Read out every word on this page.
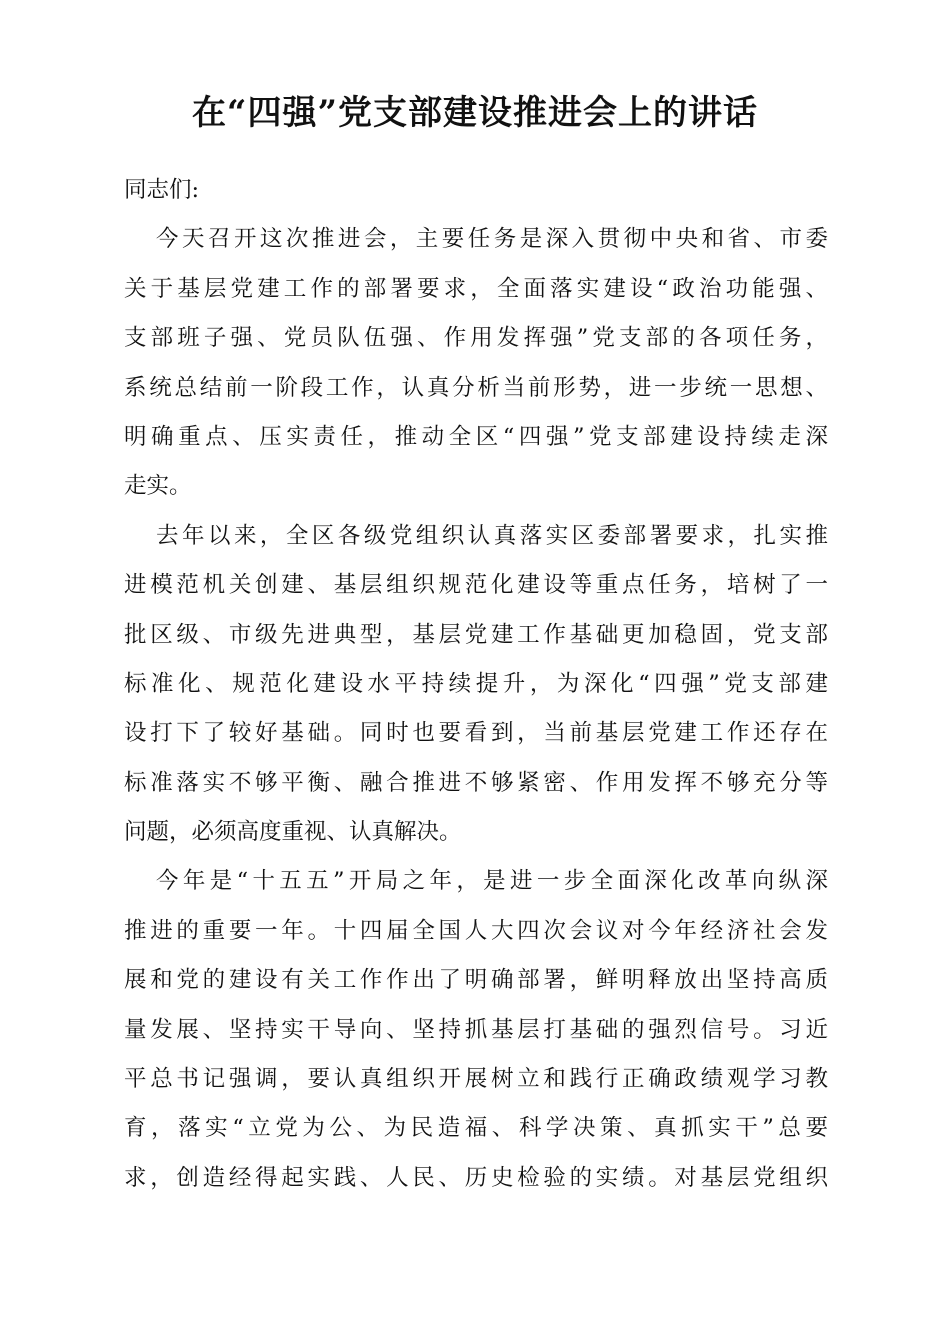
在“四强”党支部建设推进会上的讲话
同志们:
今天召开这次推进会，主要任务是深入贯彻中央和省、市委
关于基层党建工作的部署要求，全面落实建设“政治功能强、
支部班子强、党员队伍强、作用发挥强”党支部的各项任务，
系统总结前一阶段工作，认真分析当前形势，进一步统一思想、
明确重点、压实责任，推动全区“四强”党支部建设持续走深
走实。
去年以来，全区各级党组织认真落实区委部署要求，扎实推
进模范机关创建、基层组织规范化建设等重点任务，培树了一
批区级、市级先进典型，基层党建工作基础更加稳固，党支部
标准化、规范化建设水平持续提升，为深化“四强”党支部建
设打下了较好基础。同时也要看到，当前基层党建工作还存在
标准落实不够平衡、融合推进不够紧密、作用发挥不够充分等
问题，必须高度重视、认真解决。
今年是“十五五”开局之年，是进一步全面深化改革向纵深
推进的重要一年。十四届全国人大四次会议对今年经济社会发
展和党的建设有关工作作出了明确部署，鲜明释放出坚持高质
量发展、坚持实干导向、坚持抓基层打基础的强烈信号。习近
平总书记强调，要认真组织开展树立和践行正确政绩观学习教
育，落实“立党为公、为民造福、科学决策、真抓实干”总要
求，创造经得起实践、人民、历史检验的实绩。对基层党组织
